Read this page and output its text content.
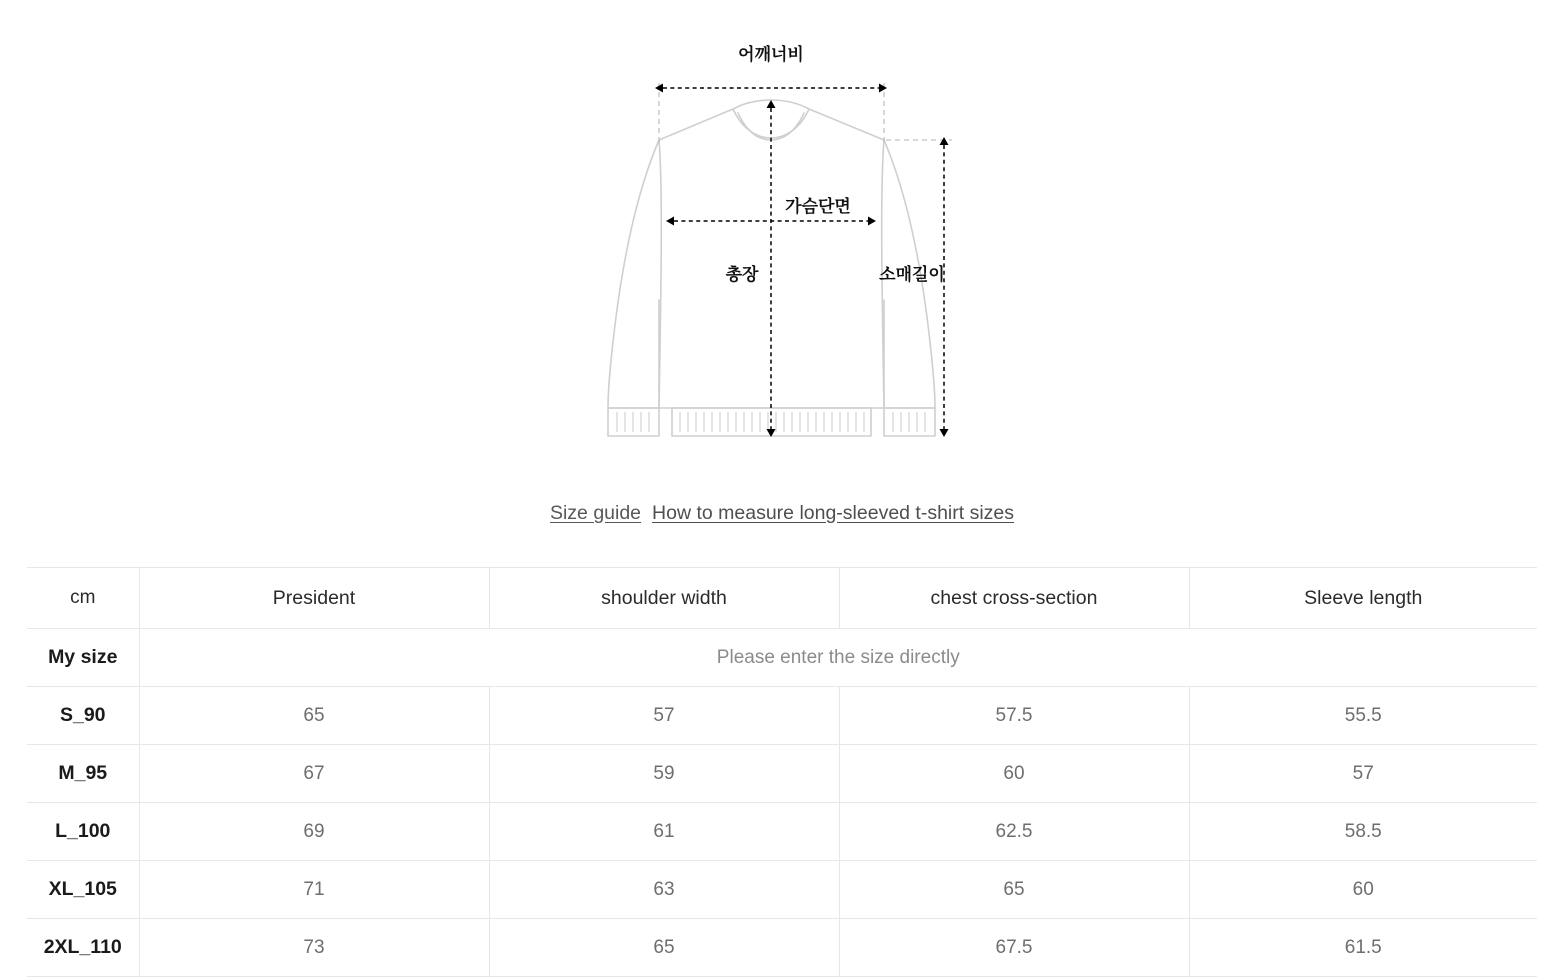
어깨너비
가슴단면
총장	소매길이
Size guide How to measure long-sleeved t-shirt sizes
cm	President	shoulder width	chest cross-section	Sleeve length
My size	Please enter the size directly			
S_90	65	57	57.5	55.5
M_95	67	59	60	57
L_100	69	61	62.5	58.5
XL_105	71	63	65	60
2XL_110	73	65	67.5	61.5
